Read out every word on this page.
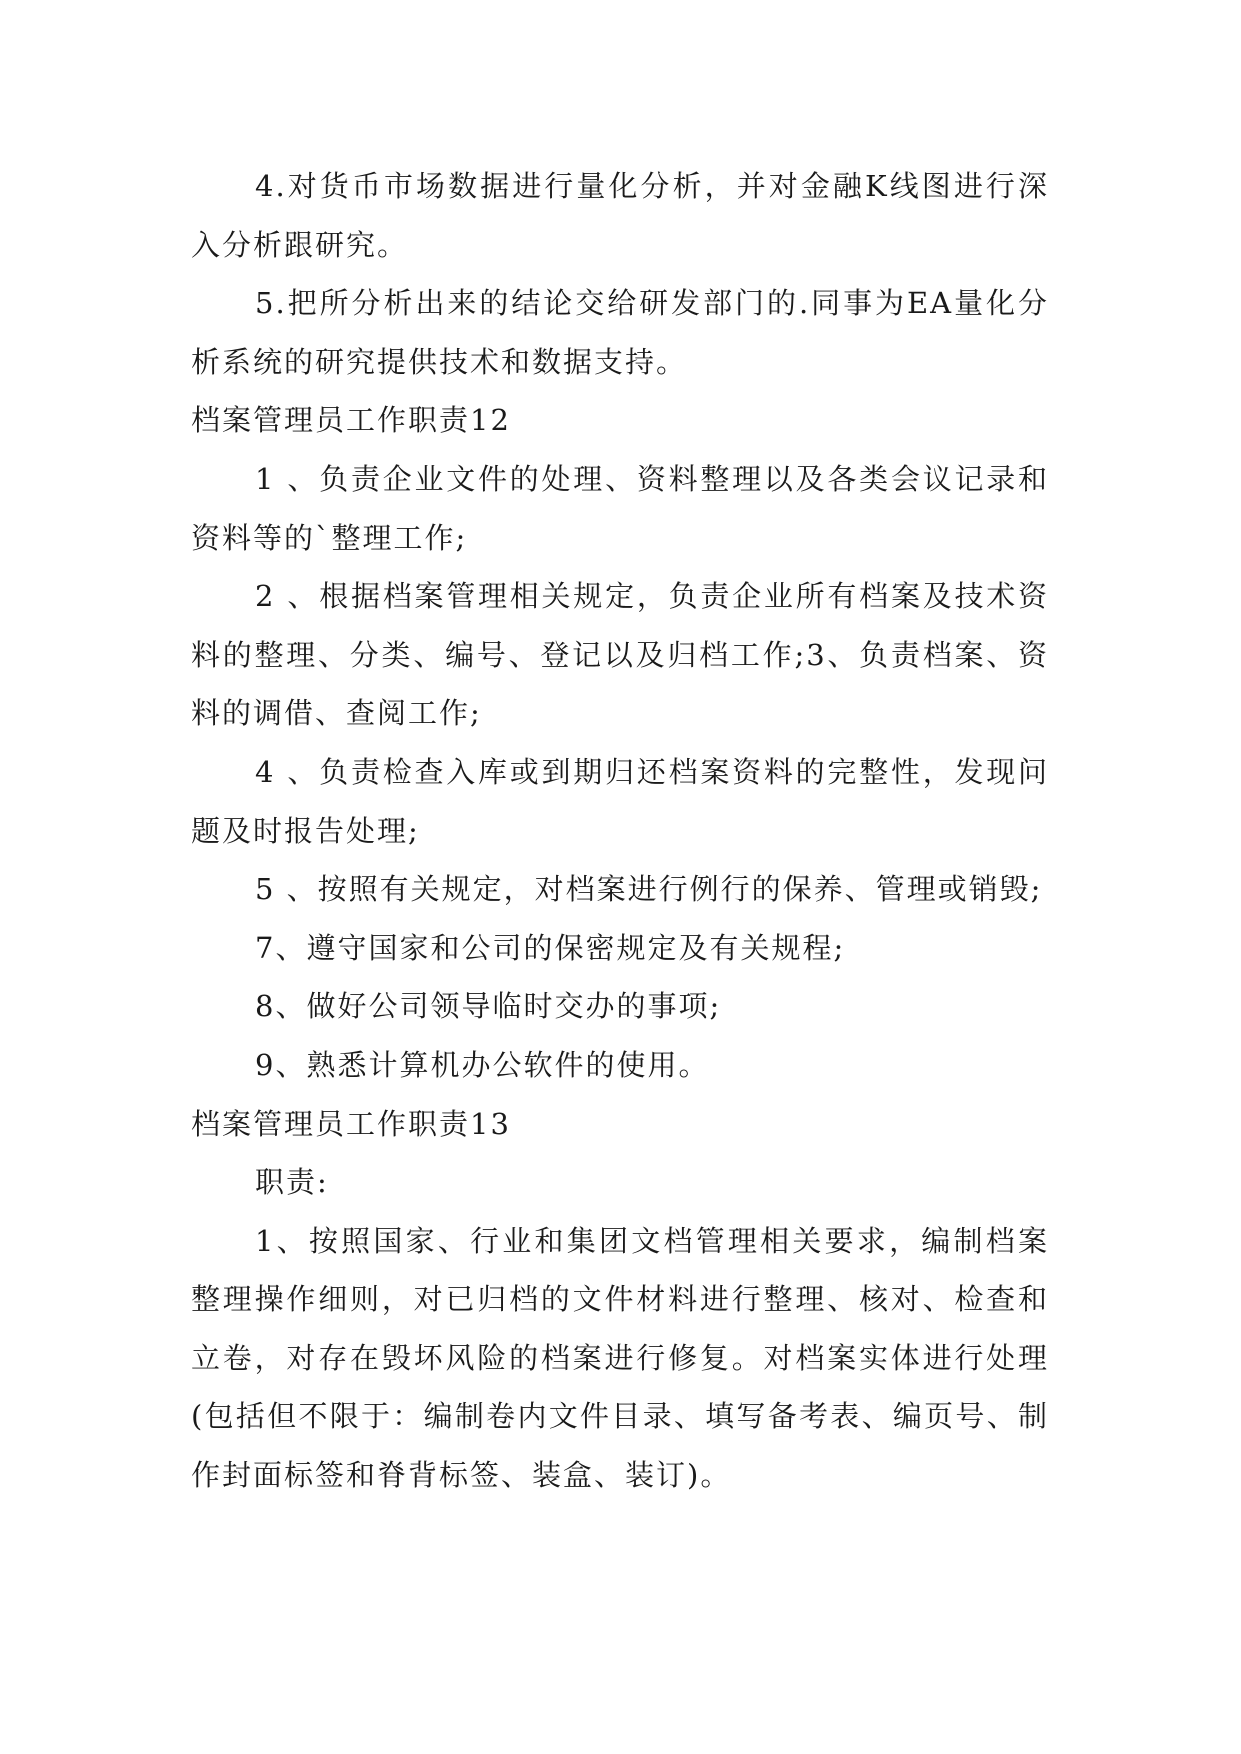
4.对货币市场数据进行量化分析，并对金融K线图进行深入分析跟研究。

5.把所分析出来的结论交给研发部门的.同事为EA量化分析系统的研究提供技术和数据支持。

档案管理员工作职责12

1 、负责企业文件的处理、资料整理以及各类会议记录和资料等的`整理工作;

2 、根据档案管理相关规定，负责企业所有档案及技术资料的整理、分类、编号、登记以及归档工作;3、负责档案、资料的调借、查阅工作;

4 、负责检查入库或到期归还档案资料的完整性，发现问题及时报告处理;

5 、按照有关规定，对档案进行例行的保养、管理或销毁;

7、遵守国家和公司的保密规定及有关规程;

8、做好公司领导临时交办的事项;

9、熟悉计算机办公软件的使用。

档案管理员工作职责13

职责:

1、按照国家、行业和集团文档管理相关要求，编制档案整理操作细则，对已归档的文件材料进行整理、核对、检查和立卷，对存在毁坏风险的档案进行修复。对档案实体进行处理(包括但不限于：编制卷内文件目录、填写备考表、编页号、制作封面标签和脊背标签、装盒、装订)。
